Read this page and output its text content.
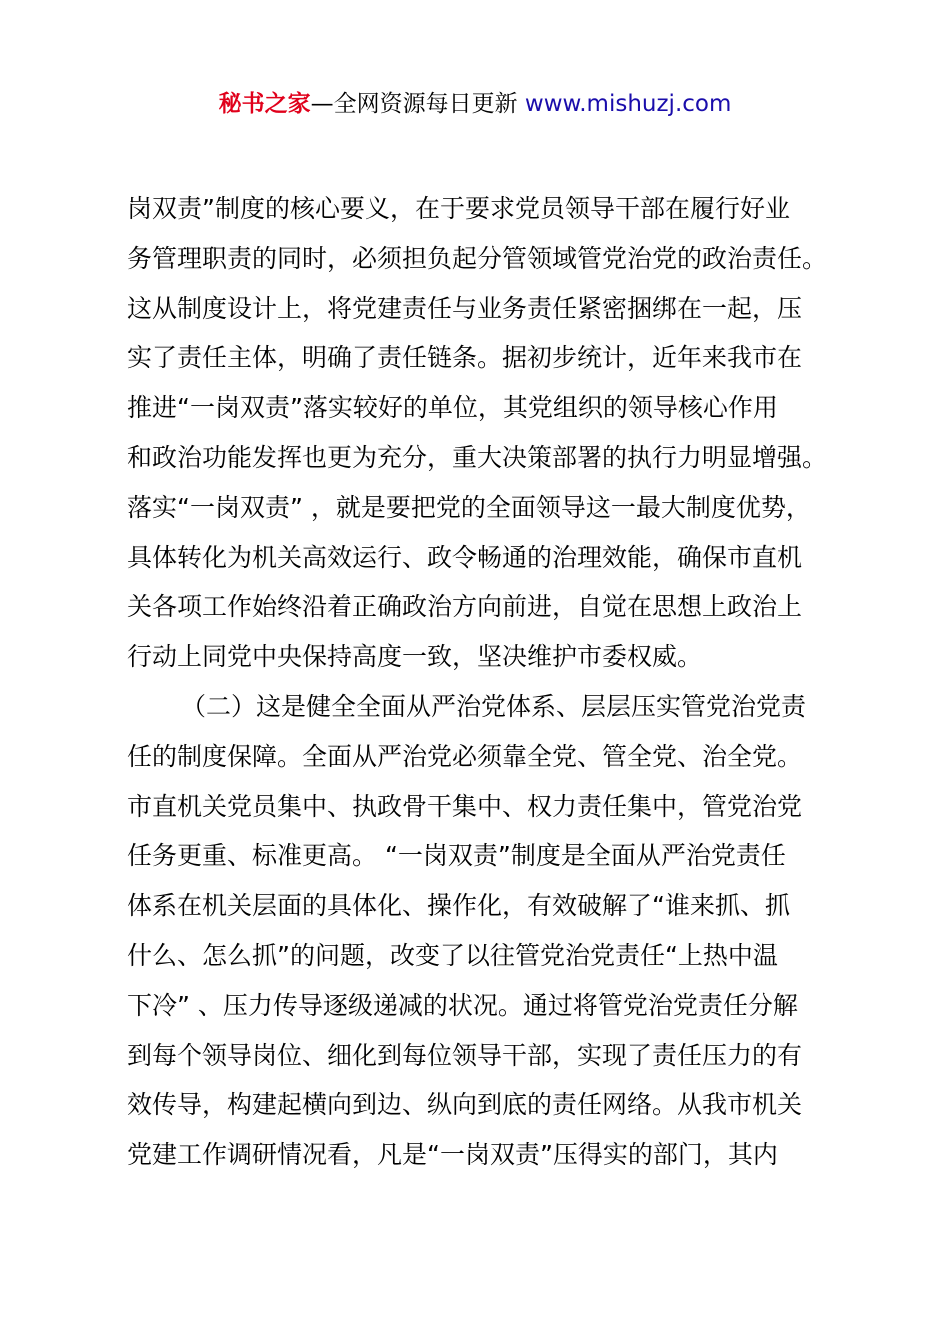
秘书之家—全网资源每日更新 www.mishuzj.com
岗双责”制度的核心要义，在于要求党员领导干部在履行好业
务管理职责的同时，必须担负起分管领域管党治党的政治责任。
这从制度设计上，将党建责任与业务责任紧密捆绑在一起，压
实了责任主体，明确了责任链条。据初步统计，近年来我市在
推进“一岗双责”落实较好的单位，其党组织的领导核心作用
和政治功能发挥也更为充分，重大决策部署的执行力明显增强。
落实“一岗双责” ，就是要把党的全面领导这一最大制度优势，
具体转化为机关高效运行、政令畅通的治理效能，确保市直机
关各项工作始终沿着正确政治方向前进，自觉在思想上政治上
行动上同党中央保持高度一致，坚决维护市委权威。
（二）这是健全全面从严治党体系、层层压实管党治党责
任的制度保障。全面从严治党必须靠全党、管全党、治全党。
市直机关党员集中、执政骨干集中、权力责任集中，管党治党
任务更重、标准更高。 “一岗双责”制度是全面从严治党责任
体系在机关层面的具体化、操作化，有效破解了“谁来抓、抓
什么、怎么抓”的问题，改变了以往管党治党责任“上热中温
下冷” 、压力传导逐级递减的状况。通过将管党治党责任分解
到每个领导岗位、细化到每位领导干部，实现了责任压力的有
效传导，构建起横向到边、纵向到底的责任网络。从我市机关
党建工作调研情况看，凡是“一岗双责”压得实的部门，其内
